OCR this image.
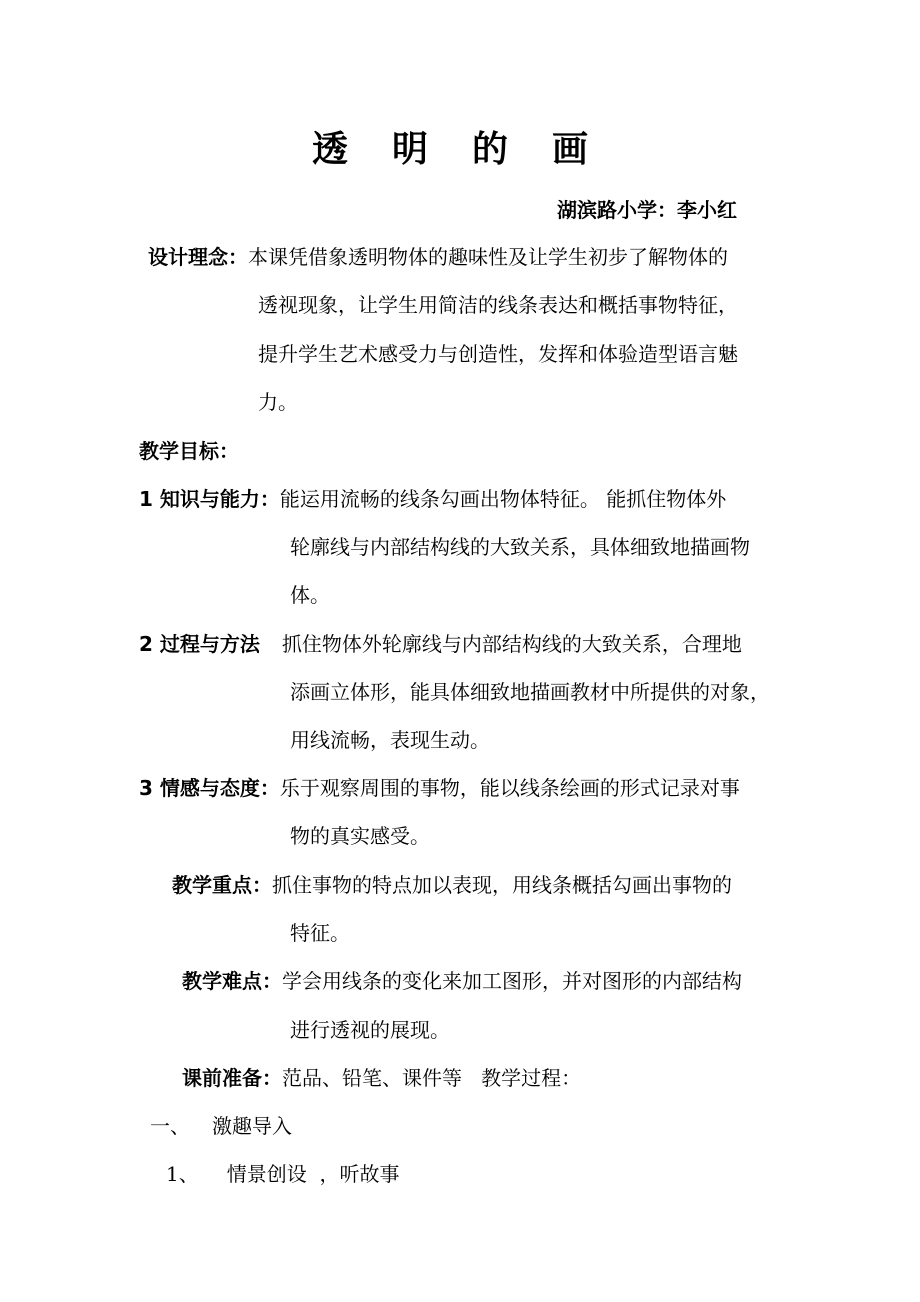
透明的画
湖滨路小学：李小红
设计理念：本课凭借象透明物体的趣味性及让学生初步了解物体的
透视现象，让学生用简洁的线条表达和概括事物特征，
提升学生艺术感受力与创造性，发挥和体验造型语言魅
力。
教学目标：
1 知识与能力：能运用流畅的线条勾画出物体特征。 能抓住物体外
轮廓线与内部结构线的大致关系，具体细致地描画物
体。
2 过程与方法 抓住物体外轮廓线与内部结构线的大致关系，合理地
添画立体形，能具体细致地描画教材中所提供的对象，
用线流畅，表现生动。
3 情感与态度：乐于观察周围的事物，能以线条绘画的形式记录对事
物的真实感受。
教学重点：抓住事物的特点加以表现，用线条概括勾画出事物的
特征。
教学难点：学会用线条的变化来加工图形，并对图形的内部结构
进行透视的展现。
课前准备：范品、铅笔、课件等   教学过程：
一、 激趣导入
1、 情景创设  ，听故事
